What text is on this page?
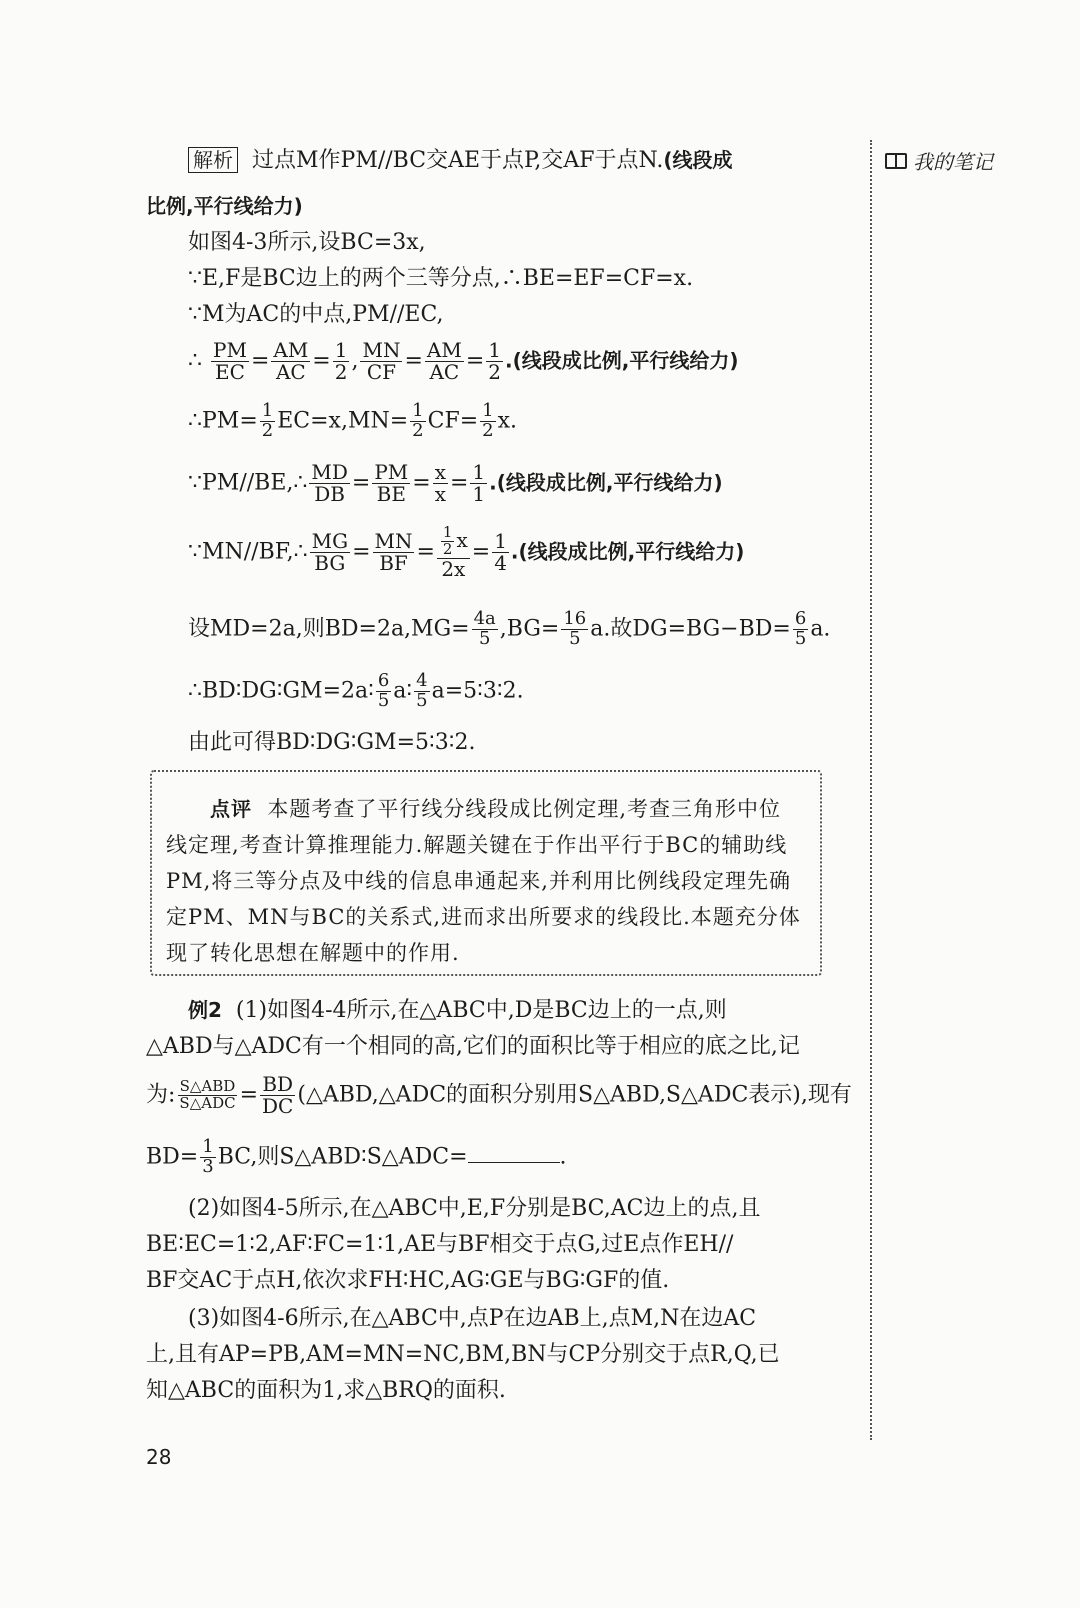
我的笔记
解析 过点M作PM//BC交AE于点P,交AF于点N.(线段成
比例,平行线给力)
如图4-3所示,设BC=3x,
∵E,F是BC边上的两个三等分点,∴BE=EF=CF=x.
∵M为AC的中点,PM//EC,
∴ $\frac{PM}{EC} = \frac{AM}{AC} = \frac{1}{2}$ , $\frac{MN}{CF} = \frac{AM}{AC} = \frac{1}{2}$ .(线段成比例,平行线给力)
∴PM= $\frac{1}{2} EC=x,MN= \frac{1}{2} CF= \frac{1}{2} x$.
∵PM//BE,∴ $\frac{MD}{DB} = \frac{PM}{BE} = \frac{x}{x} = \frac{1}{1}$ .(线段成比例,平行线给力)
∵MN//BF,∴ $\frac{MG}{BG} = \frac{MN}{BF} = \frac{\frac{1}{2} x}{2x} = \frac{1}{4}$ .(线段成比例,平行线给力)
设MD=2a,则$BD=2a,MG= \frac{4a}{5} ,BG= \frac{16}{5} a$.故$DG=BG-BD= \frac{6}{5} a$.
∴BD∶DG∶GM=2a∶ $\frac{6}{5}$ a∶ $\frac{4}{5}$ a=5∶3∶2.
由此可得BD∶DG∶GM=5∶3∶2.
点评 本题考查了平行线分线段成比例定理,考查三角形中位
线定理,考查计算推理能力.解题关键在于作出平行于BC的辅助线
PM,将三等分点及中线的信息串通起来,并利用比例线段定理先确
定PM、MN与BC的关系式,进而求出所要求的线段比.本题充分体
现了转化思想在解题中的作用.
例2 (1)如图4-4所示,在△ABC中,D是BC边上的一点,则
△ABD与△ADC有一个相同的高,它们的面积比等于相应的底之比,记
为: $\frac{\text{S△ABD}}{\text{S△ADC}} = \frac{BD}{DC}$ (△ABD,△ADC的面积分别用S△ABD,S△ADC表示),现有
$BD= \frac{1}{3}$ BC,则S△ABD∶S△ADC=	.
(2)如图4-5所示,在△ABC中,E,F分别是BC,AC边上的点,且
BE∶EC=1∶2,AF∶FC=1∶1,AE与BF相交于点G,过E点作EH//
BF交AC于点H,依次求FH∶HC,AG∶GE与BG∶GF的值.
(3)如图4-6所示,在△ABC中,点P在边AB上,点M,N在边AC
上,且有AP=PB,AM=MN=NC,BM,BN与CP分别交于点R,Q,已
知△ABC的面积为1,求△BRQ的面积.
28
